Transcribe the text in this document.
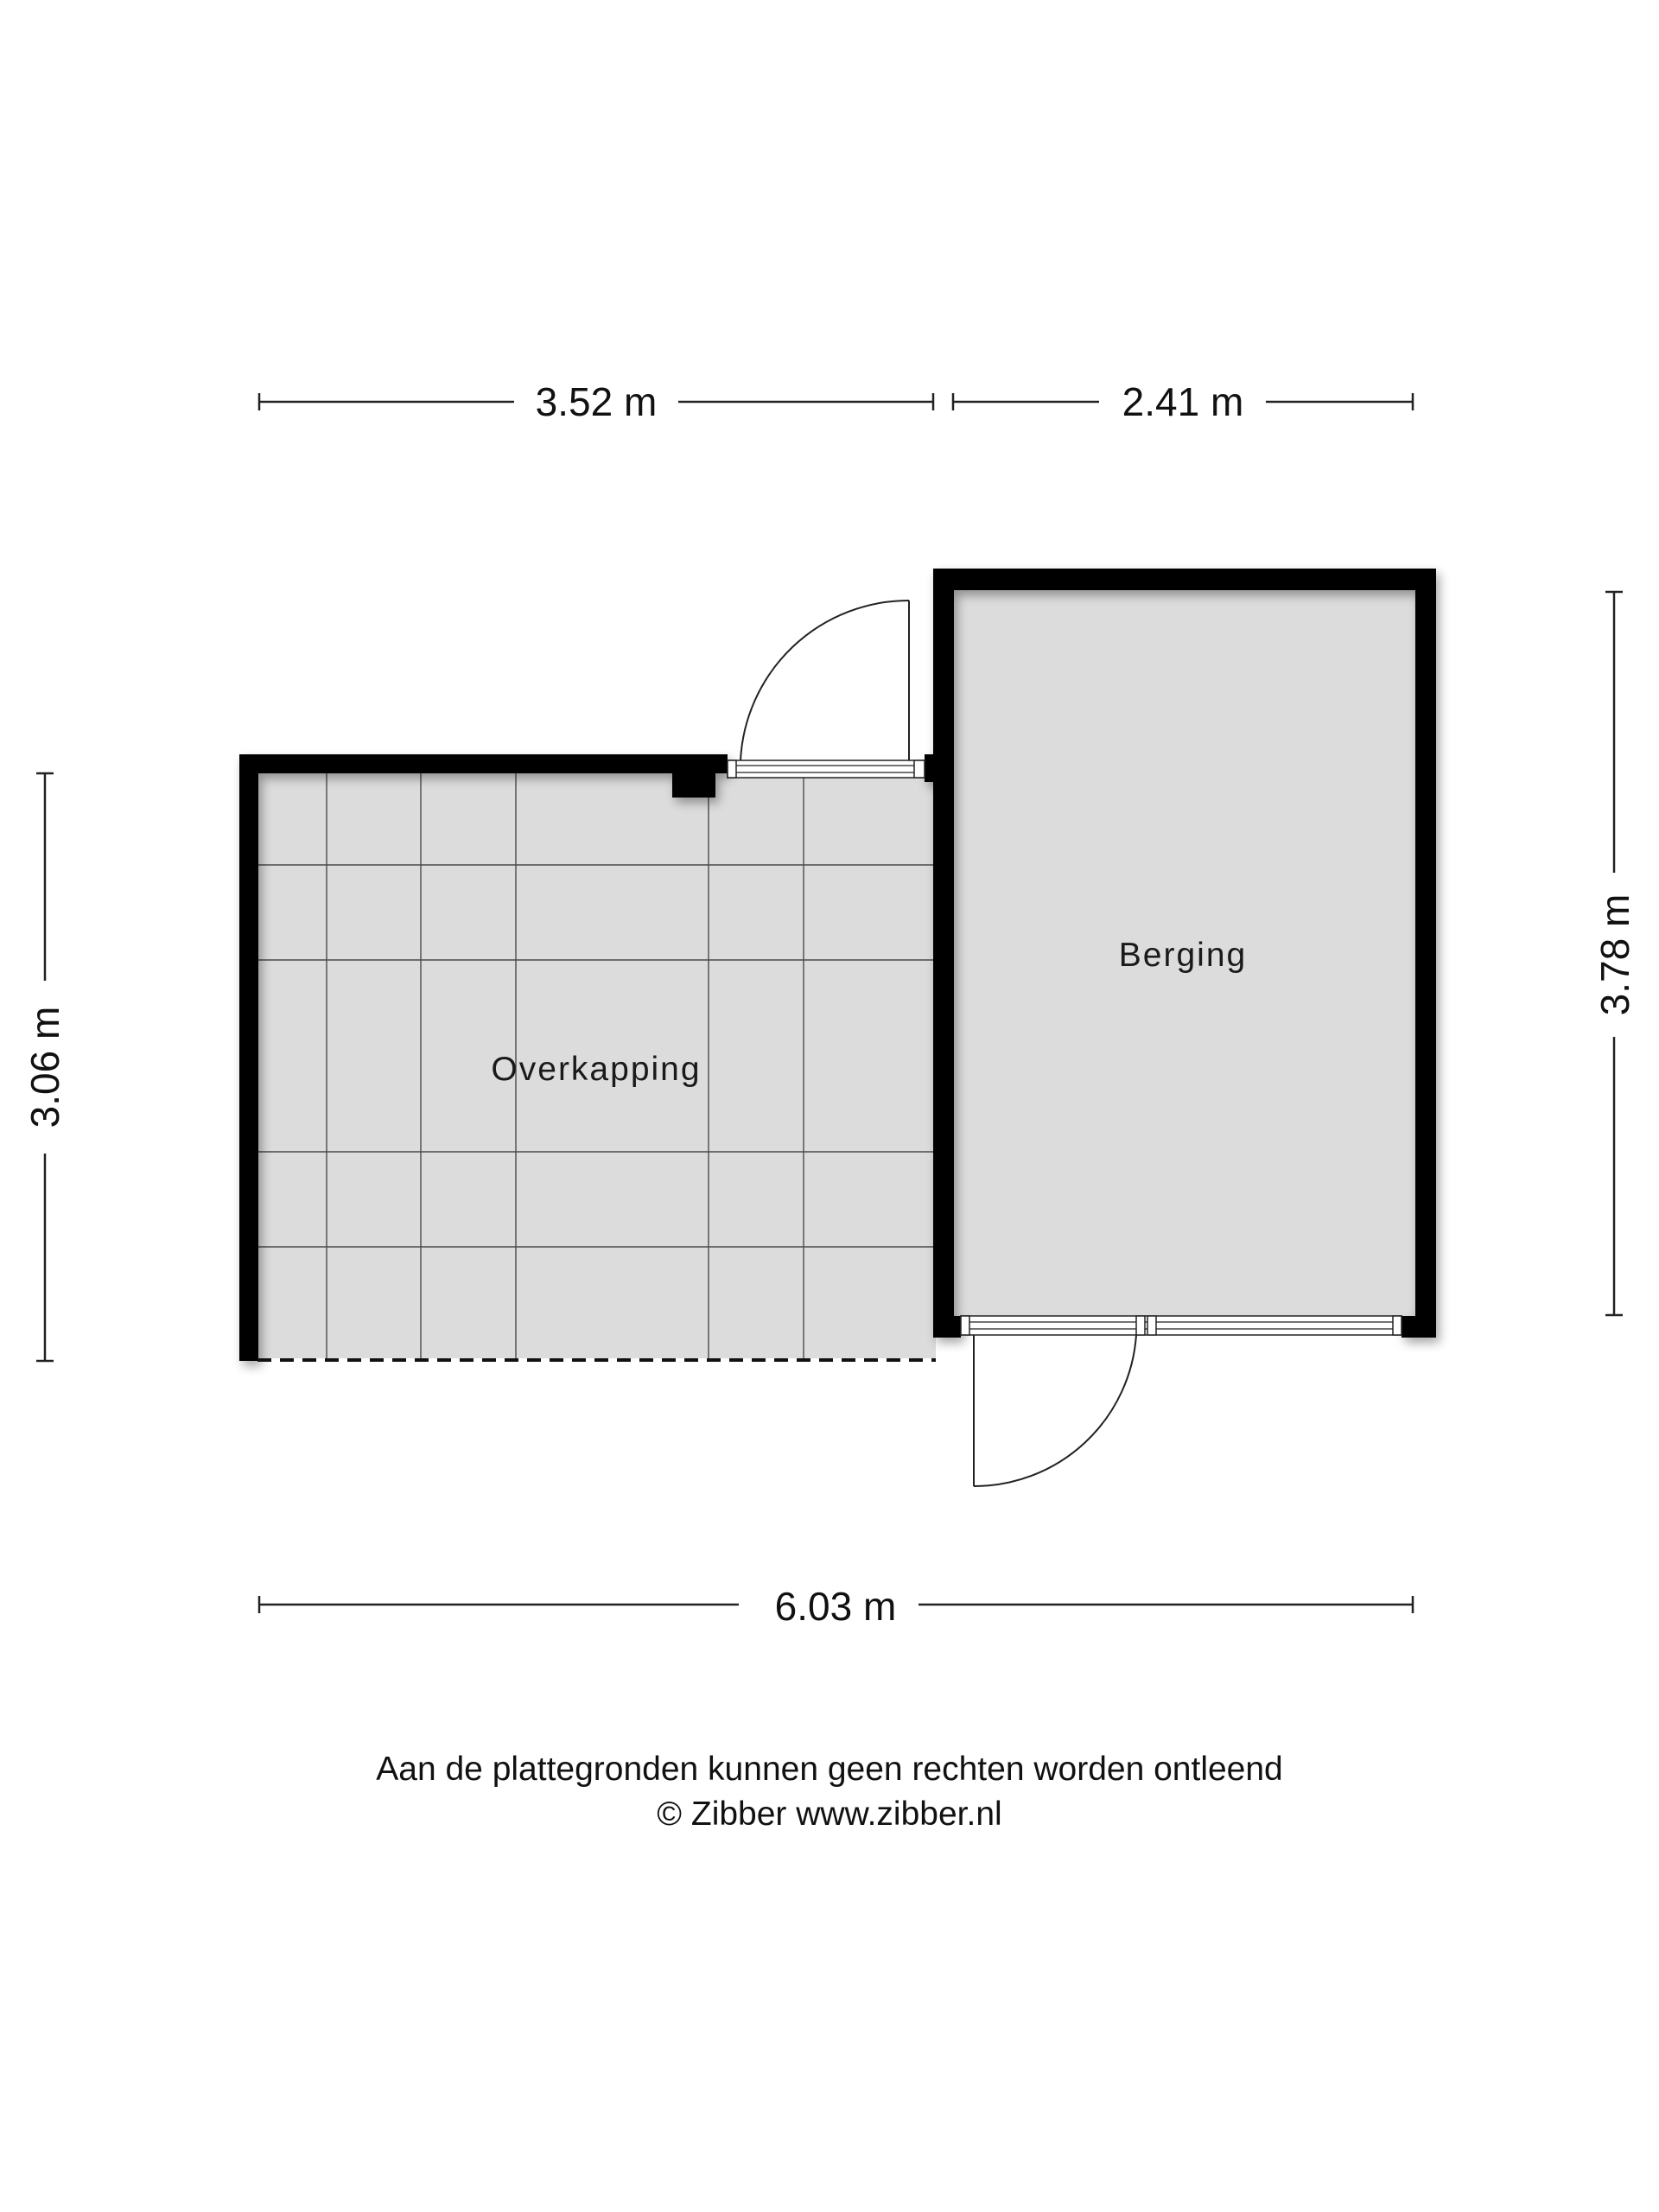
3.52 m	2.41 m
3.06 m
3.78 m
Overkapping
Berging
6.03 m
Aan de plattegronden kunnen geen rechten worden ontleend
© Zibber www.zibber.nl
